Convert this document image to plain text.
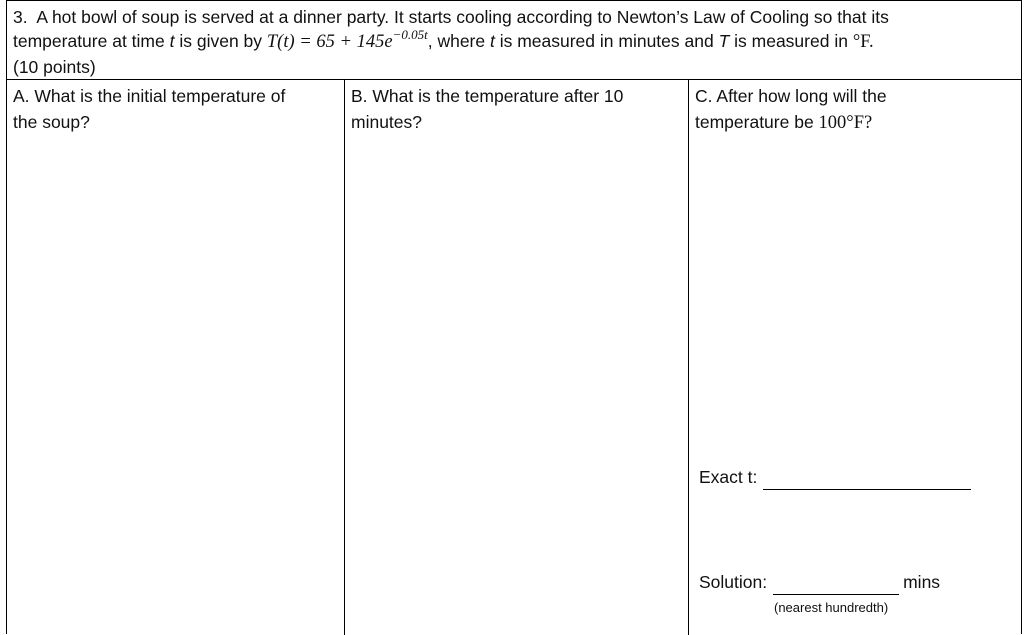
3. A hot bowl of soup is served at a dinner party. It starts cooling according to Newton’s Law of Cooling so that its
temperature at time t is given by $T(t) = 65 + 145e^{-0.05t}$, where t is measured in minutes and T is measured in °F.
(10 points)
A. What is the initial temperature of
the soup?
B. What is the temperature after 10
minutes?
C. After how long will the
temperature be 100°F?
Exact t:
Solution:	mins
(nearest hundredth)
